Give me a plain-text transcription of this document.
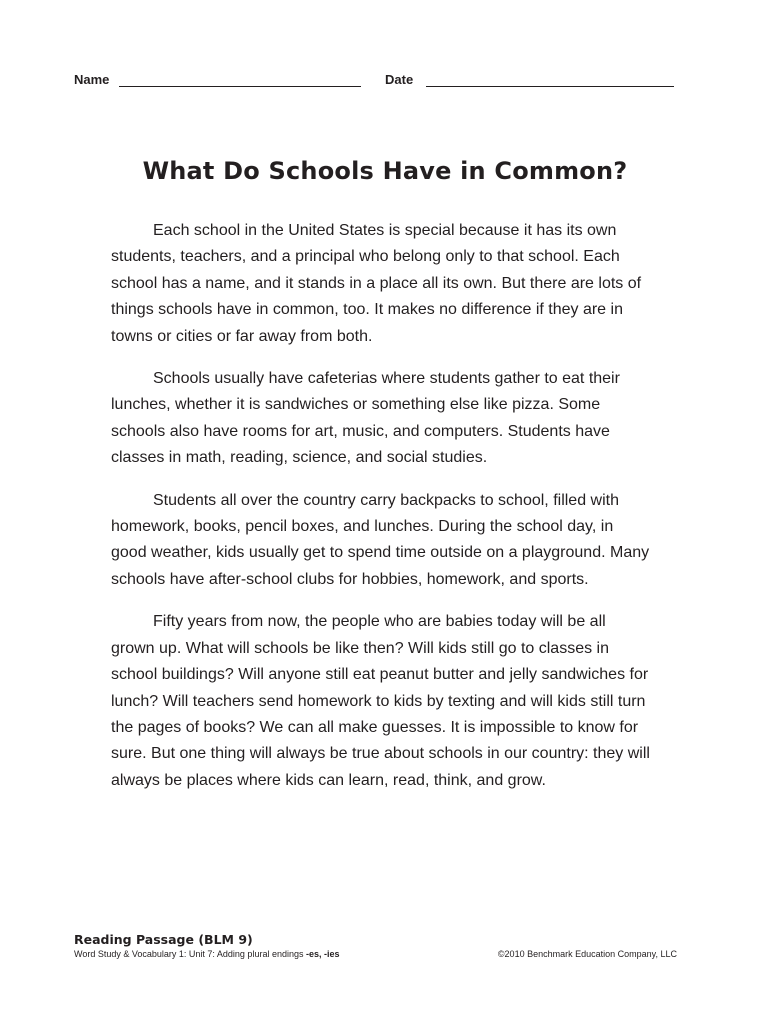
Name	Date
What Do Schools Have in Common?

Each school in the United States is special because it has its own students, teachers, and a principal who belong only to that school. Each school has a name, and it stands in a place all its own. But there are lots of things schools have in common, too. It makes no difference if they are in towns or cities or far away from both.

Schools usually have cafeterias where students gather to eat their lunches, whether it is sandwiches or something else like pizza. Some schools also have rooms for art, music, and computers. Students have classes in math, reading, science, and social studies.

Students all over the country carry backpacks to school, filled with homework, books, pencil boxes, and lunches. During the school day, in good weather, kids usually get to spend time outside on a playground. Many schools have after-school clubs for hobbies, homework, and sports.

Fifty years from now, the people who are babies today will be all grown up. What will schools be like then? Will kids still go to classes in school buildings? Will anyone still eat peanut butter and jelly sandwiches for lunch? Will teachers send homework to kids by texting and will kids still turn the pages of books? We can all make guesses. It is impossible to know for sure. But one thing will always be true about schools in our country: they will always be places where kids can learn, read, think, and grow.

Reading Passage (BLM 9)
Word Study & Vocabulary 1: Unit 7: Adding plural endings -es, -ies	©2010 Benchmark Education Company, LLC
